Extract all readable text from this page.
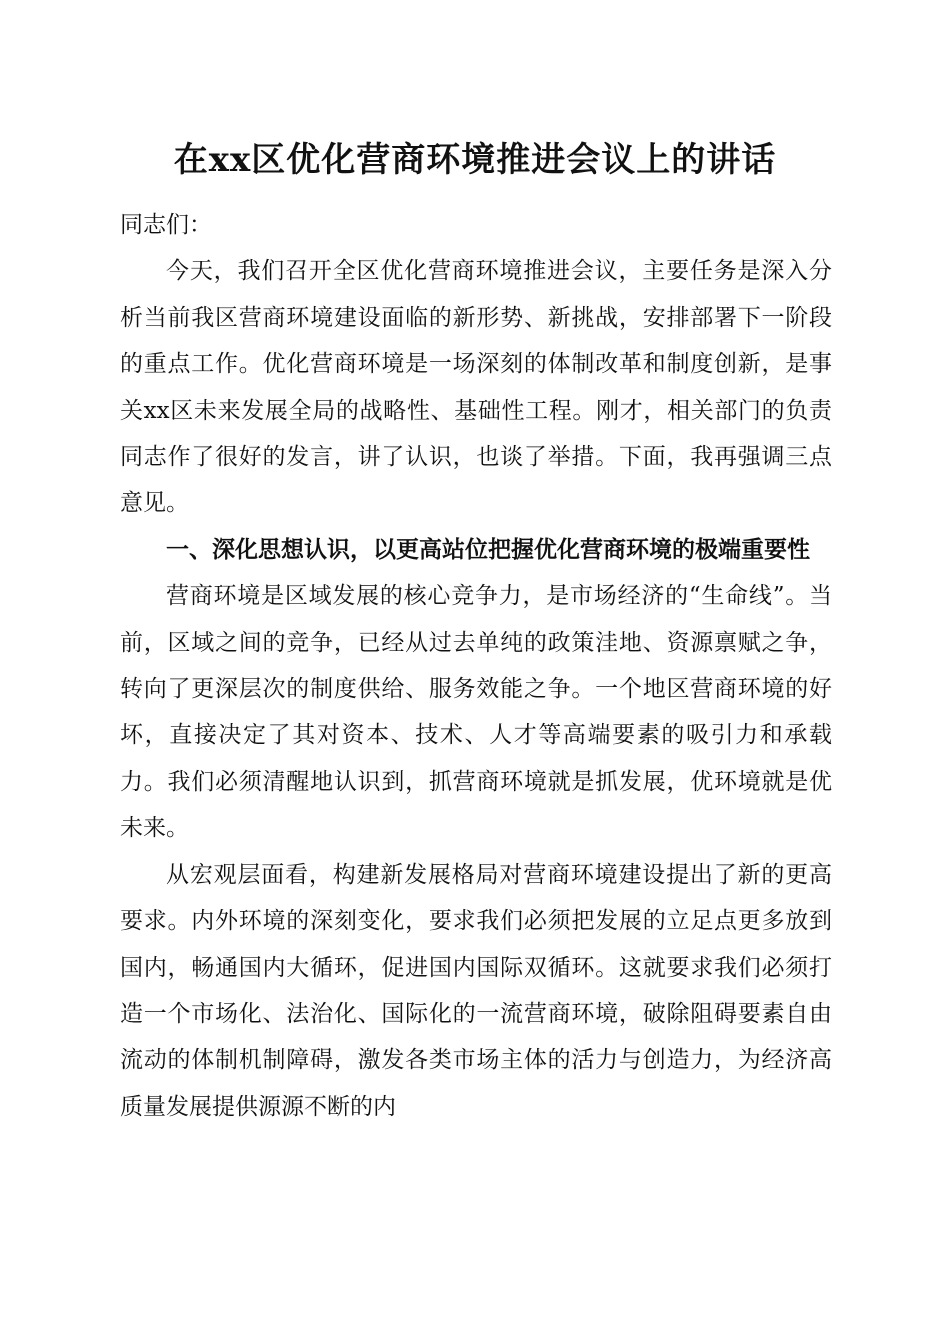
在xx区优化营商环境推进会议上的讲话

同志们：

今天，我们召开全区优化营商环境推进会议，主要任务是深入分析当前我区营商环境建设面临的新形势、新挑战，安排部署下一阶段的重点工作。优化营商环境是一场深刻的体制改革和制度创新，是事关xx区未来发展全局的战略性、基础性工程。刚才，相关部门的负责同志作了很好的发言，讲了认识，也谈了举措。下面，我再强调三点意见。

一、深化思想认识，以更高站位把握优化营商环境的极端重要性

营商环境是区域发展的核心竞争力，是市场经济的“生命线”。当前，区域之间的竞争，已经从过去单纯的政策洼地、资源禀赋之争，转向了更深层次的制度供给、服务效能之争。一个地区营商环境的好坏，直接决定了其对资本、技术、人才等高端要素的吸引力和承载力。我们必须清醒地认识到，抓营商环境就是抓发展，优环境就是优未来。

从宏观层面看，构建新发展格局对营商环境建设提出了新的更高要求。内外环境的深刻变化，要求我们必须把发展的立足点更多放到国内，畅通国内大循环，促进国内国际双循环。这就要求我们必须打造一个市场化、法治化、国际化的一流营商环境，破除阻碍要素自由流动的体制机制障碍，激发各类市场主体的活力与创造力，为经济高质量发展提供源源不断的内
